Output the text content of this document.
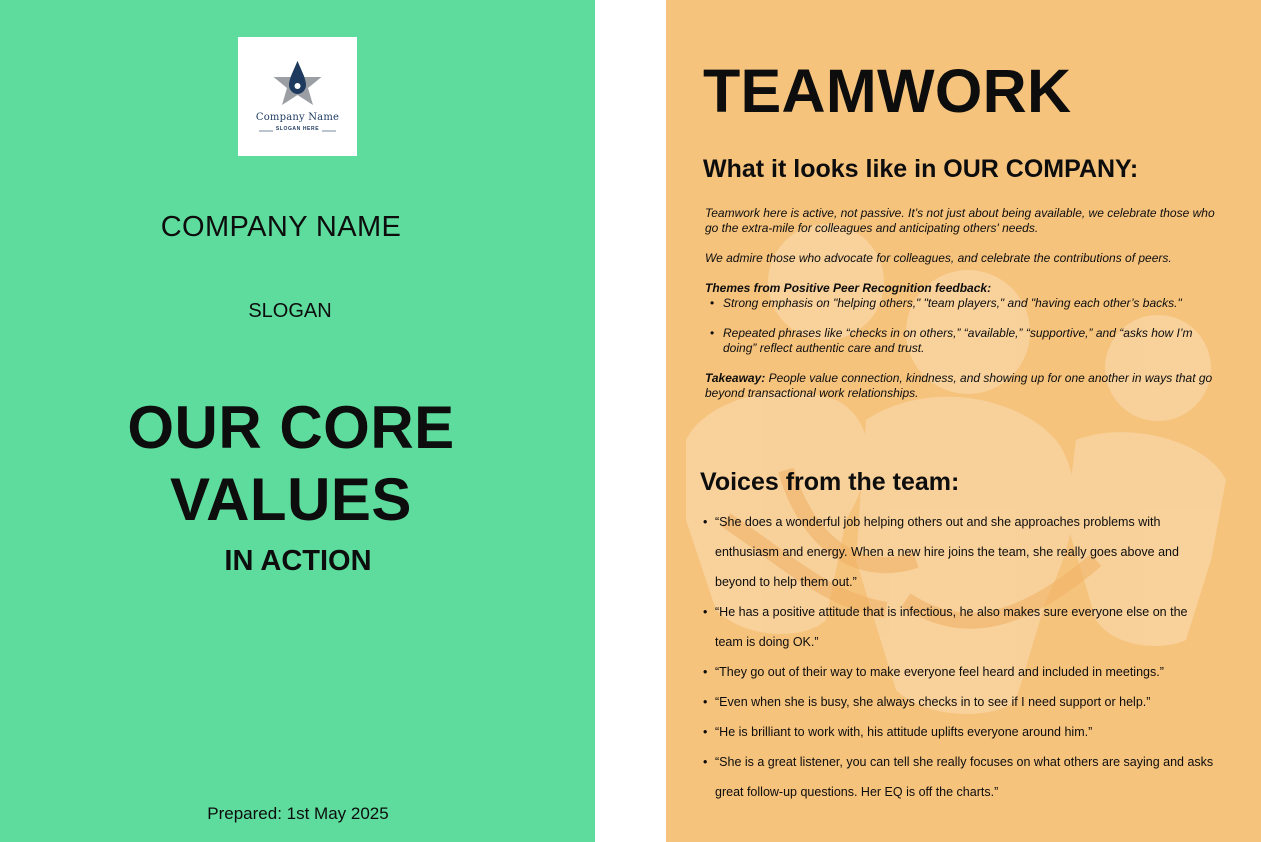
Company Name
SLOGAN HERE
COMPANY NAME
SLOGAN
OUR CORE
VALUES
IN ACTION
Prepared: 1st May 2025
TEAMWORK
What it looks like in OUR COMPANY:

Teamwork here is active, not passive. It’s not just about being available, we celebrate those who go the extra-mile for colleagues and anticipating others' needs.

We admire those who advocate for colleagues, and celebrate the contributions of peers.

Themes from Positive Peer Recognition feedback:

• Strong emphasis on "helping others," "team players," and "having each other’s backs."
• Repeated phrases like “checks in on others,” “available,” “supportive,” and “asks how I’m doing” reflect authentic care and trust.

Takeaway: People value connection, kindness, and showing up for one another in ways that go beyond transactional work relationships.

Voices from the team:
• “She does a wonderful job helping others out and she approaches problems with enthusiasm and energy. When a new hire joins the team, she really goes above and beyond to help them out.”
• “He has a positive attitude that is infectious, he also makes sure everyone else on the team is doing OK.”
• “They go out of their way to make everyone feel heard and included in meetings.”
• “Even when she is busy, she always checks in to see if I need support or help.”
• “He is brilliant to work with, his attitude uplifts everyone around him.”
• “She is a great listener, you can tell she really focuses on what others are saying and asks great follow-up questions. Her EQ is off the charts.”
